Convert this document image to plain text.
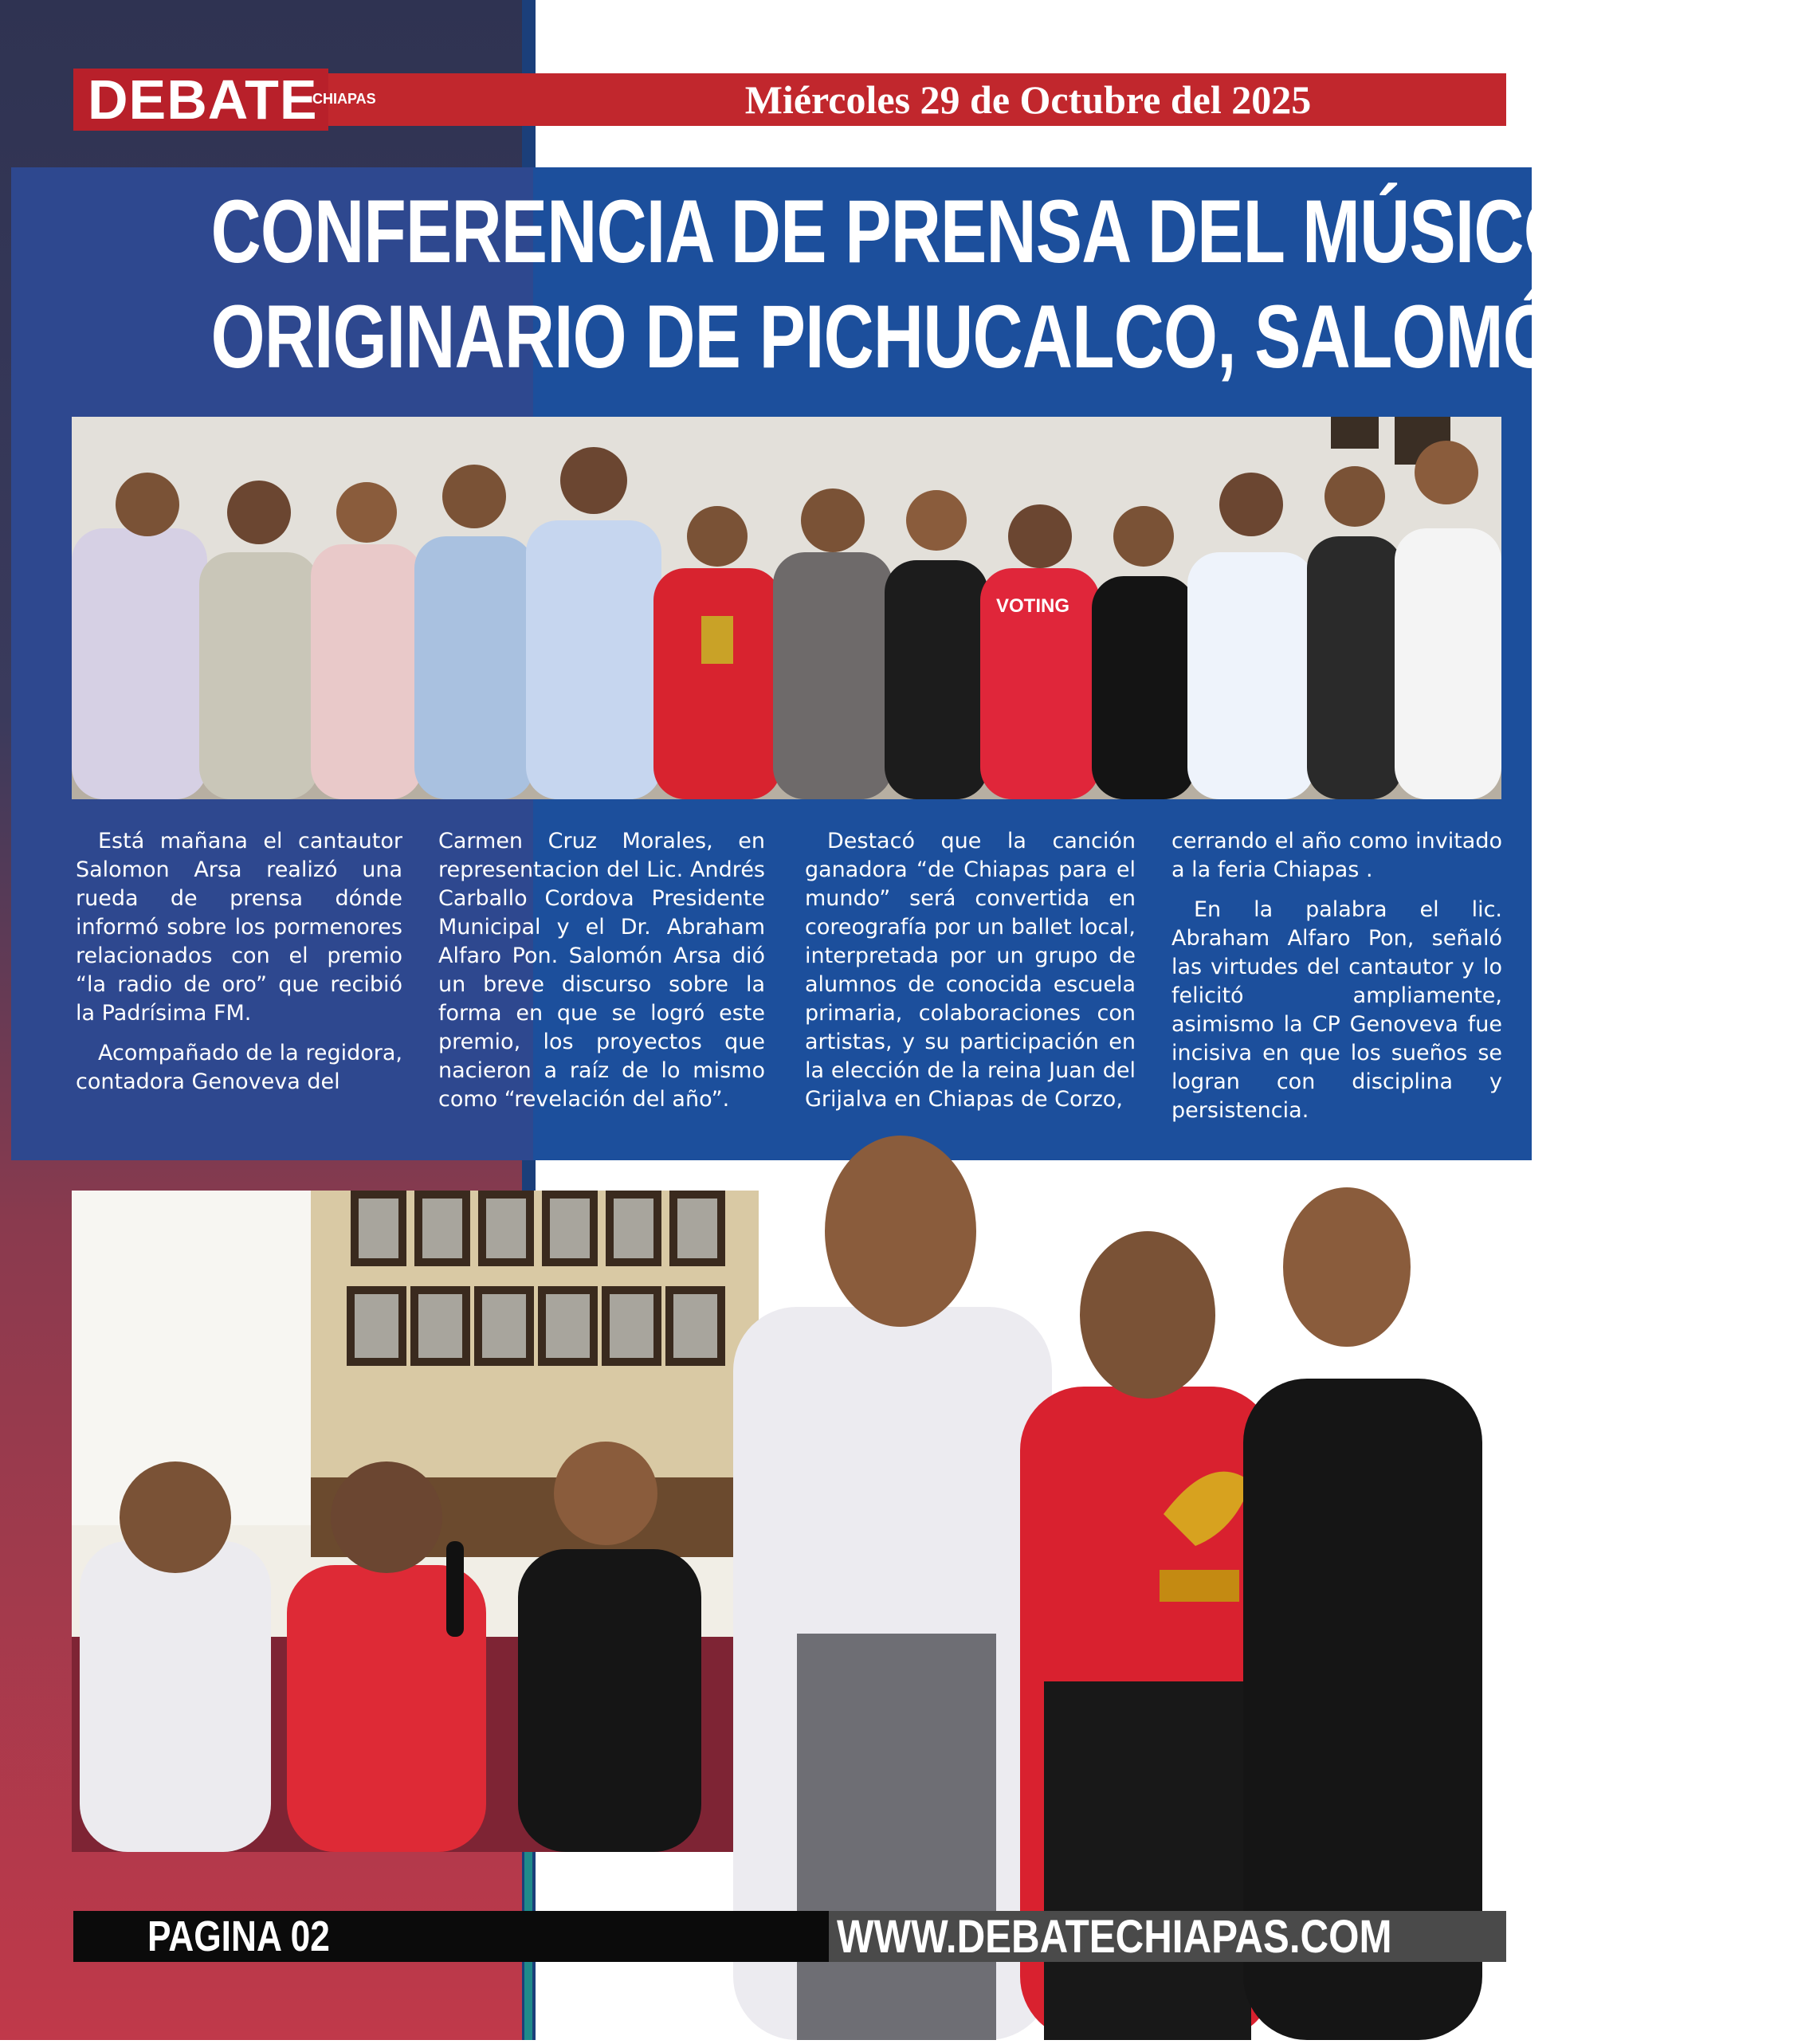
DEBATE
CHIAPAS	Miércoles 29 de Octubre del 2025
CONFERENCIA DE PRENSA DEL MÚSICO
ORIGINARIO DE PICHUCALCO, SALOMÓN ARSA
VOTING

Está mañana el cantautor Salomon Arsa realizó una rueda de prensa dónde informó sobre los pormenores relacionados con el premio “la radio de oro” que recibió la Padrísima FM.

Acompañado de la regidora, contadora Genoveva del

Carmen Cruz Morales, en representacion del Lic. Andrés Carballo Cordova Presidente Municipal y el Dr. Abraham Alfaro Pon. Salomón Arsa dió un breve discurso sobre la forma en que se logró este premio, los proyectos que nacieron a raíz de lo mismo como “revelación del año”.

Destacó que la canción ganadora “de Chiapas para el mundo” será convertida en coreografía por un ballet local, interpretada por un grupo de alumnos de conocida escuela primaria, colaboraciones con artistas, y su participación en la elección de la reina Juan del Grijalva en Chiapas de Corzo,

cerrando el año como invitado a la feria Chiapas .

En la palabra el lic. Abraham Alfaro Pon, señaló las virtudes del cantautor y lo felicitó ampliamente, asimismo la CP Genoveva fue incisiva en que los sueños se logran con disciplina y persistencia.

PAGINA 02	WWW.DEBATECHIAPAS.COM
